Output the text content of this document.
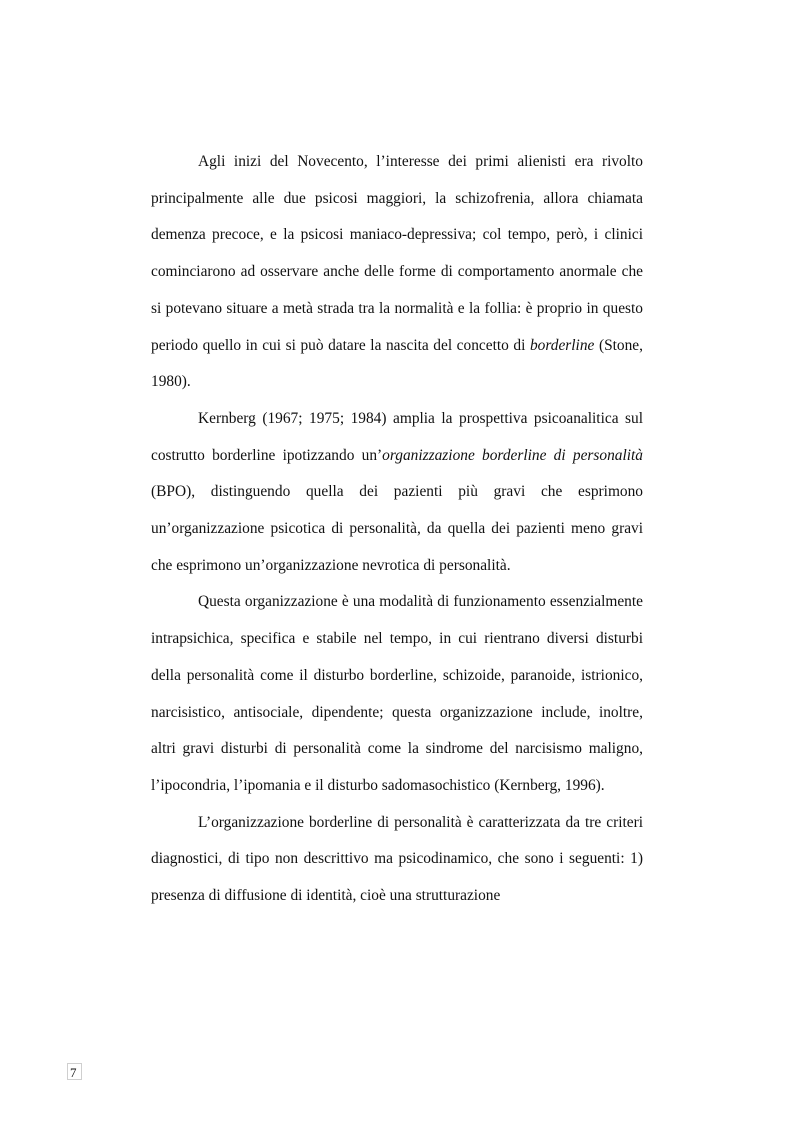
Agli inizi del Novecento, l’interesse dei primi alienisti era rivolto principalmente alle due psicosi maggiori, la schizofrenia, allora chiamata demenza precoce, e la psicosi maniaco-depressiva; col tempo, però, i clinici cominciarono ad osservare anche delle forme di comportamento anormale che si potevano situare a metà strada tra la normalità e la follia: è proprio in questo periodo quello in cui si può datare la nascita del concetto di borderline (Stone, 1980).

Kernberg (1967; 1975; 1984) amplia la prospettiva psicoanalitica sul costrutto borderline ipotizzando un’organizzazione borderline di personalità (BPO), distinguendo quella dei pazienti più gravi che esprimono un’organizzazione psicotica di personalità, da quella dei pazienti meno gravi che esprimono un’organizzazione nevrotica di personalità.

Questa organizzazione è una modalità di funzionamento essenzialmente intrapsichica, specifica e stabile nel tempo, in cui rientrano diversi disturbi della personalità come il disturbo borderline, schizoide, paranoide, istrionico, narcisistico, antisociale, dipendente; questa organizzazione include, inoltre, altri gravi disturbi di personalità come la sindrome del narcisismo maligno, l’ipocondria, l’ipomania e il disturbo sadomasochistico (Kernberg, 1996).

L’organizzazione borderline di personalità è caratterizzata da tre criteri diagnostici, di tipo non descrittivo ma psicodinamico, che sono i seguenti: 1) presenza di diffusione di identità, cioè una strutturazione

7
